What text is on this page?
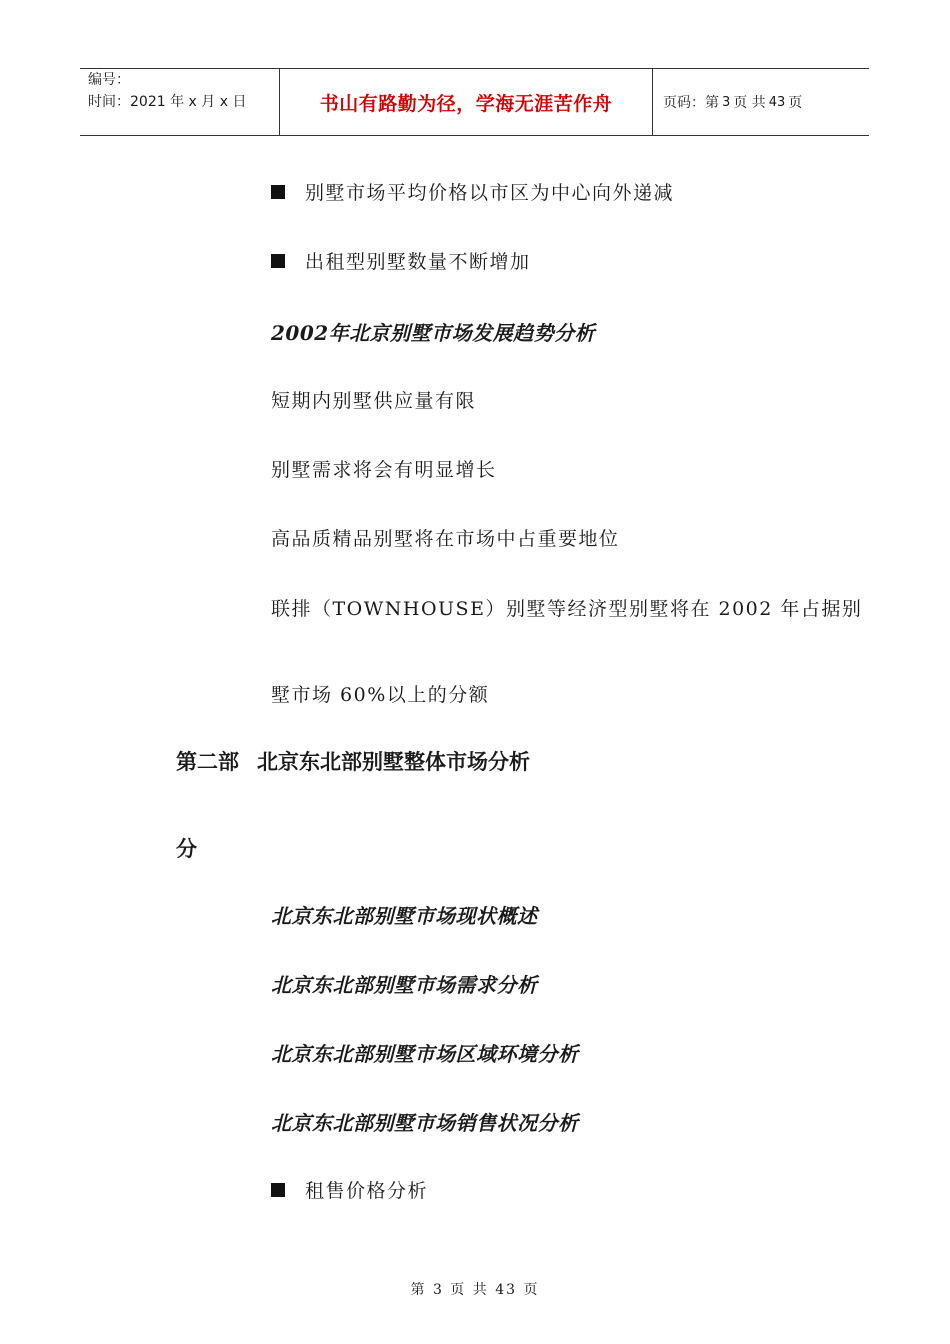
编号：
时间：2021 年 x 月 x 日	书山有路勤为径，学海无涯苦作舟	页码：第 3 页 共 43 页
别墅市场平均价格以市区为中心向外递减
出租型别墅数量不断增加
2002年北京别墅市场发展趋势分析
短期内别墅供应量有限
别墅需求将会有明显增长
高品质精品别墅将在市场中占重要地位
联排（TOWNHOUSE）别墅等经济型别墅将在 2002 年占据别
墅市场 60%以上的分额
第二部 北京东北部别墅整体市场分析
分
北京东北部别墅市场现状概述
北京东北部别墅市场需求分析
北京东北部别墅市场区域环境分析
北京东北部别墅市场销售状况分析
租售价格分析
第 3 页 共 43 页
